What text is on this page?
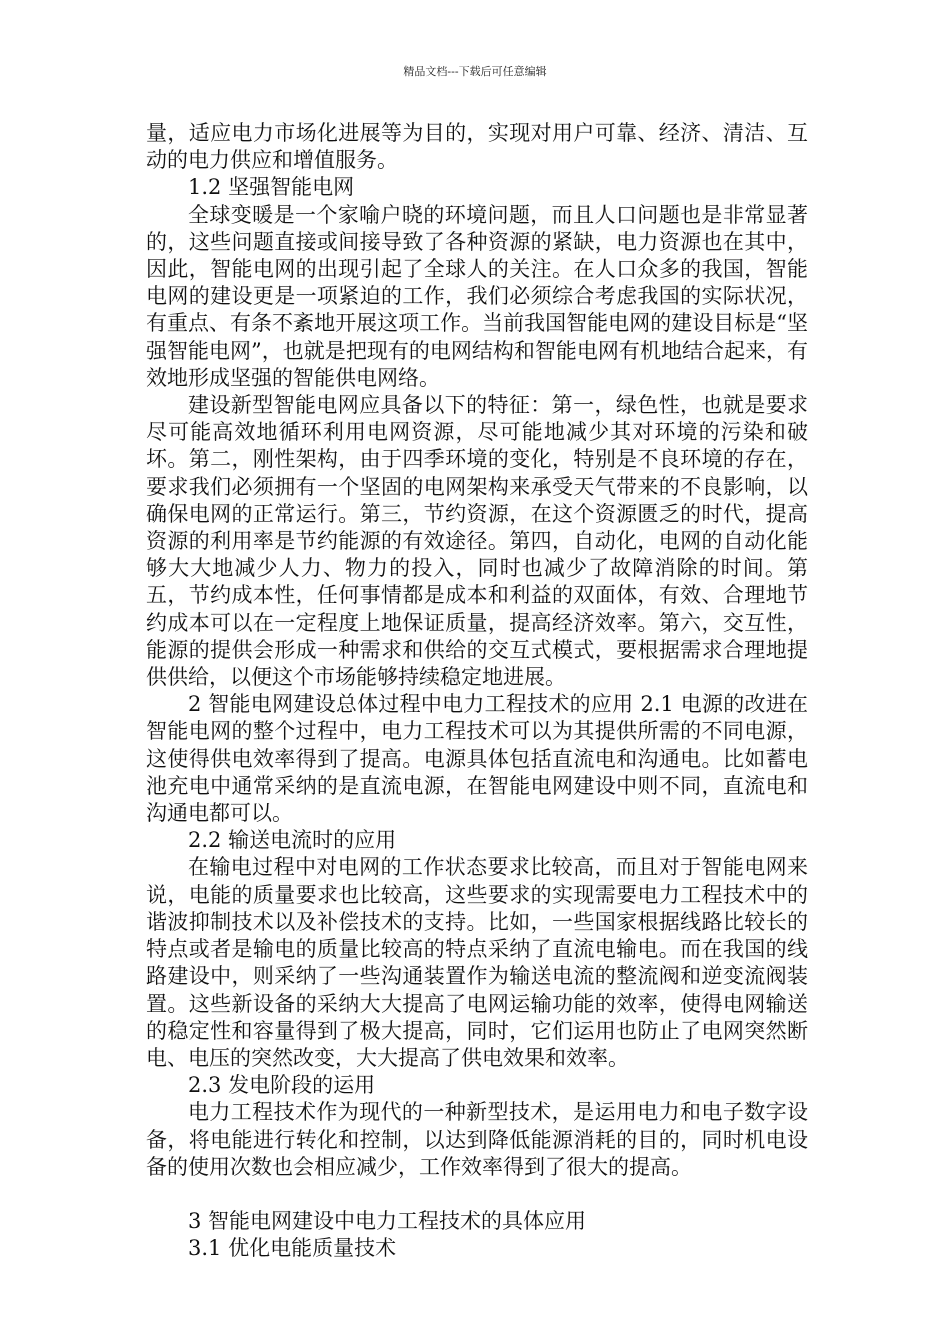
精品文档---下载后可任意编辑

量，适应电力市场化进展等为目的，实现对用户可靠、经济、清洁、互动的电力供应和增值服务。

1.2 坚强智能电网

全球变暖是一个家喻户晓的环境问题，而且人口问题也是非常显著的，这些问题直接或间接导致了各种资源的紧缺，电力资源也在其中，因此，智能电网的出现引起了全球人的关注。在人口众多的我国，智能电网的建设更是一项紧迫的工作，我们必须综合考虑我国的实际状况，有重点、有条不紊地开展这项工作。当前我国智能电网的建设目标是“坚强智能电网”，也就是把现有的电网结构和智能电网有机地结合起来，有效地形成坚强的智能供电网络。

建设新型智能电网应具备以下的特征：第一，绿色性，也就是要求尽可能高效地循环利用电网资源，尽可能地减少其对环境的污染和破坏。第二，刚性架构，由于四季环境的变化，特别是不良环境的存在，要求我们必须拥有一个坚固的电网架构来承受天气带来的不良影响，以确保电网的正常运行。第三，节约资源，在这个资源匮乏的时代，提高资源的利用率是节约能源的有效途径。第四，自动化，电网的自动化能够大大地减少人力、物力的投入，同时也减少了故障消除的时间。第五，节约成本性，任何事情都是成本和利益的双面体，有效、合理地节约成本可以在一定程度上地保证质量，提高经济效率。第六，交互性，能源的提供会形成一种需求和供给的交互式模式，要根据需求合理地提供供给，以便这个市场能够持续稳定地进展。

2 智能电网建设总体过程中电力工程技术的应用 2.1 电源的改进在智能电网的整个过程中，电力工程技术可以为其提供所需的不同电源，这使得供电效率得到了提高。电源具体包括直流电和沟通电。比如蓄电池充电中通常采纳的是直流电源，在智能电网建设中则不同，直流电和沟通电都可以。

2.2 输送电流时的应用

在输电过程中对电网的工作状态要求比较高，而且对于智能电网来说，电能的质量要求也比较高，这些要求的实现需要电力工程技术中的谐波抑制技术以及补偿技术的支持。比如，一些国家根据线路比较长的特点或者是输电的质量比较高的特点采纳了直流电输电。而在我国的线路建设中，则采纳了一些沟通装置作为输送电流的整流阀和逆变流阀装置。这些新设备的采纳大大提高了电网运输功能的效率，使得电网输送的稳定性和容量得到了极大提高，同时，它们运用也防止了电网突然断电、电压的突然改变，大大提高了供电效果和效率。

2.3 发电阶段的运用

电力工程技术作为现代的一种新型技术，是运用电力和电子数字设备，将电能进行转化和控制，以达到降低能源消耗的目的，同时机电设备的使用次数也会相应减少，工作效率得到了很大的提高。

3 智能电网建设中电力工程技术的具体应用

3.1 优化电能质量技术
